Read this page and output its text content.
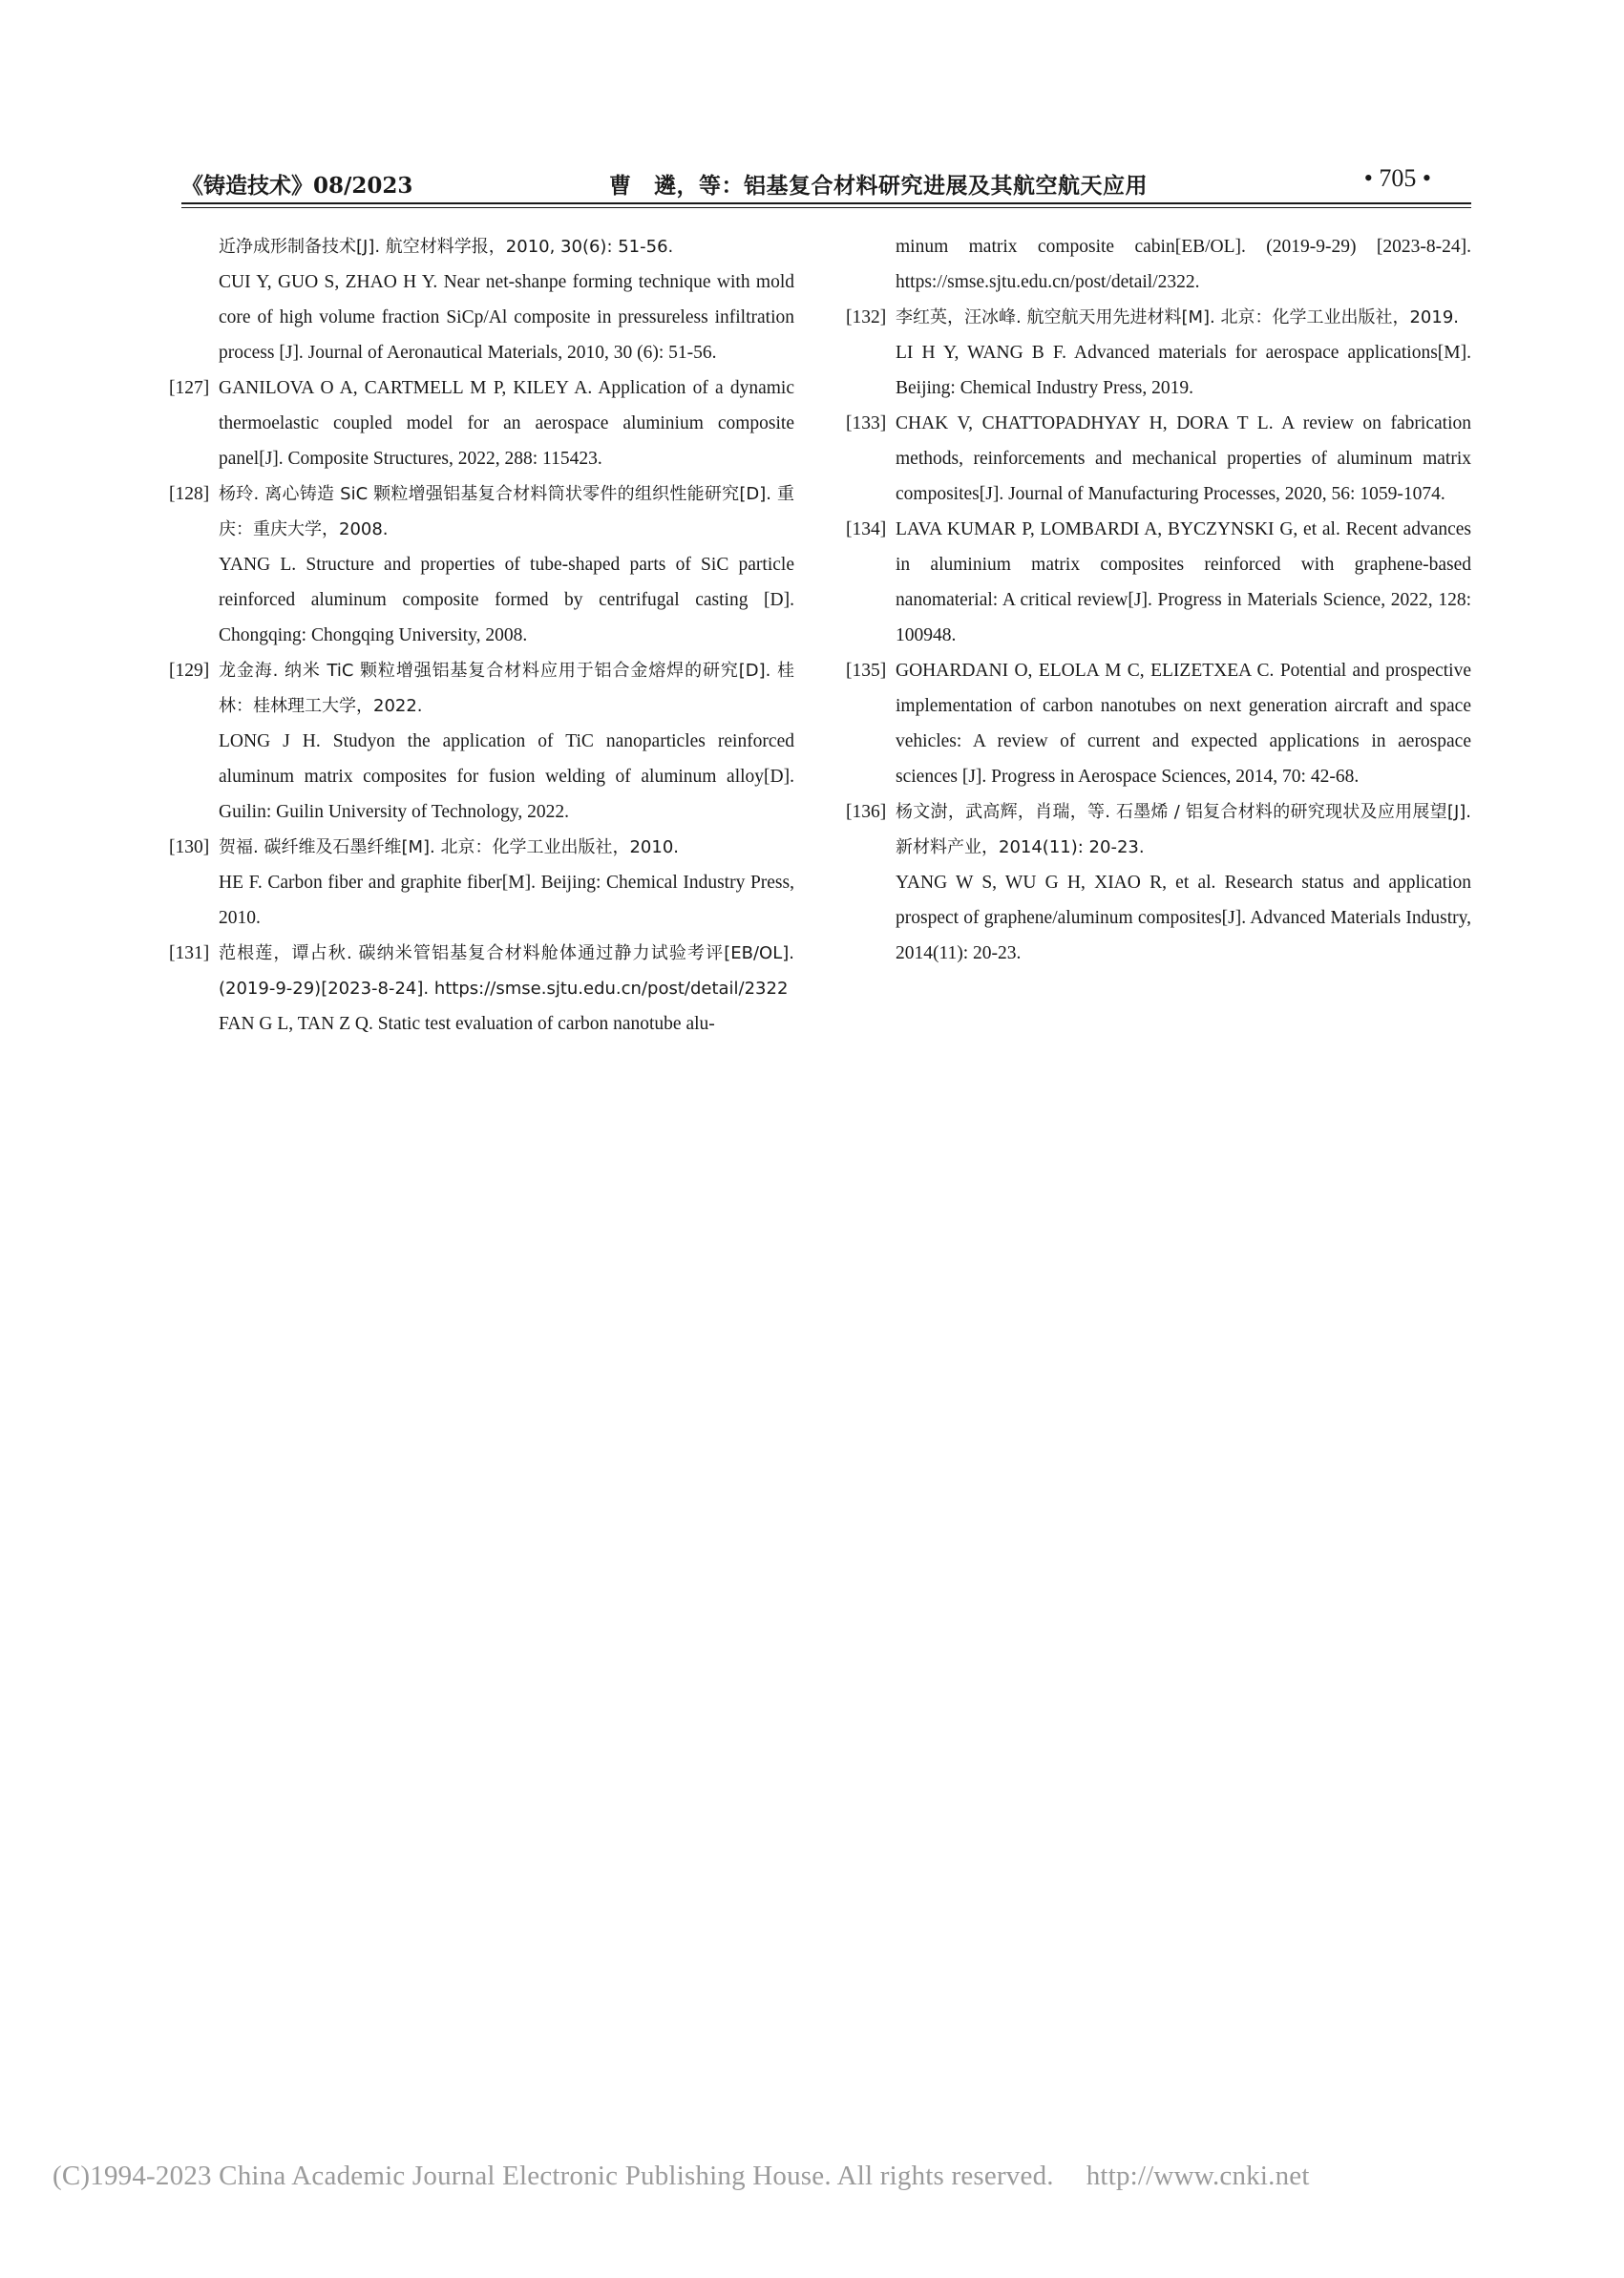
《铸造技术》08/2023	曹　遴，等：铝基复合材料研究进展及其航空航天应用	• 705 •
近净成形制备技术[J]. 航空材料学报，2010, 30(6): 51-56.
CUI Y, GUO S, ZHAO H Y. Near net-shanpe forming technique with mold core of high volume fraction SiCp/Al composite in pressureless infiltration process [J]. Journal of Aeronautical Materials, 2010, 30 (6): 51-56.
[127] GANILOVA O A, CARTMELL M P, KILEY A. Application of a dynamic thermoelastic coupled model for an aerospace aluminium composite panel[J]. Composite Structures, 2022, 288: 115423.
[128] 杨玲. 离心铸造 SiC 颗粒增强铝基复合材料筒状零件的组织性能研究[D]. 重庆：重庆大学，2008.
YANG L. Structure and properties of tube-shaped parts of SiC particle reinforced aluminum composite formed by centrifugal casting [D]. Chongqing: Chongqing University, 2008.
[129] 龙金海. 纳米 TiC 颗粒增强铝基复合材料应用于铝合金熔焊的研究[D]. 桂林：桂林理工大学，2022.
LONG J H. Studyon the application of TiC nanoparticles reinforced aluminum matrix composites for fusion welding of aluminum alloy[D]. Guilin: Guilin University of Technology, 2022.
[130] 贺福. 碳纤维及石墨纤维[M]. 北京：化学工业出版社，2010.
HE F. Carbon fiber and graphite fiber[M]. Beijing: Chemical Industry Press, 2010.
[131] 范根莲，谭占秋. 碳纳米管铝基复合材料舱体通过静力试验考评[EB/OL].(2019-9-29)[2023-8-24]. https://smse.sjtu.edu.cn/post/detail/2322
FAN G L, TAN Z Q. Static test evaluation of carbon nanotube alu-
minum matrix composite cabin[EB/OL]. (2019-9-29) [2023-8-24]. https://smse.sjtu.edu.cn/post/detail/2322.
[132] 李红英，汪冰峰. 航空航天用先进材料[M]. 北京：化学工业出版社，2019.
LI H Y, WANG B F. Advanced materials for aerospace applications[M]. Beijing: Chemical Industry Press, 2019.
[133] CHAK V, CHATTOPADHYAY H, DORA T L. A review on fabrication methods, reinforcements and mechanical properties of aluminum matrix composites[J]. Journal of Manufacturing Processes, 2020, 56: 1059-1074.
[134] LAVA KUMAR P, LOMBARDI A, BYCZYNSKI G, et al. Recent advances in aluminium matrix composites reinforced with graphene-based nanomaterial: A critical review[J]. Progress in Materials Science, 2022, 128: 100948.
[135] GOHARDANI O, ELOLA M C, ELIZETXEA C. Potential and prospective implementation of carbon nanotubes on next generation aircraft and space vehicles: A review of current and expected applications in aerospace sciences [J]. Progress in Aerospace Sciences, 2014, 70: 42-68.
[136] 杨文澍，武高辉，肖瑞，等. 石墨烯 / 铝复合材料的研究现状及应用展望[J]. 新材料产业，2014(11): 20-23.
YANG W S, WU G H, XIAO R, et al. Research status and application prospect of graphene/aluminum composites[J]. Advanced Materials Industry, 2014(11): 20-23.
(C)1994-2023 China Academic Journal Electronic Publishing House. All rights reserved. http://www.cnki.net
